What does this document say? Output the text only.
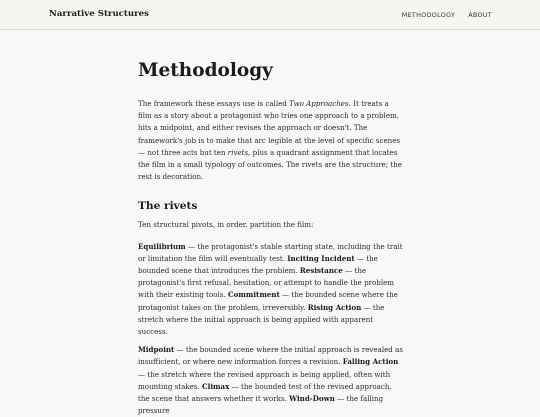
Narrative Structures	METHODOLOGY ABOUT
Methodology

The framework these essays use is called Two Approaches. It treats a film as a story about a protagonist who tries one approach to a problem, hits a midpoint, and either revises the approach or doesn't. The framework's job is to make that arc legible at the level of specific scenes — not three acts but ten rivets, plus a quadrant assignment that locates the film in a small typology of outcomes. The rivets are the structure; the rest is decoration.

The rivets

Ten structural pivots, in order, partition the film:

Equilibrium — the protagonist's stable starting state, including the trait or limitation the film will eventually test. Inciting Incident — the bounded scene that introduces the problem. Resistance — the protagonist's first refusal, hesitation, or attempt to handle the problem with their existing tools. Commitment — the bounded scene where the protagonist takes on the problem, irreversibly. Rising Action — the stretch where the initial approach is being applied with apparent success.

Midpoint — the bounded scene where the initial approach is revealed as insufficient, or where new information forces a revision. Falling Action — the stretch where the revised approach is being applied, often with mounting stakes. Climax — the bounded test of the revised approach, the scene that answers whether it works. Wind-Down — the falling pressure
